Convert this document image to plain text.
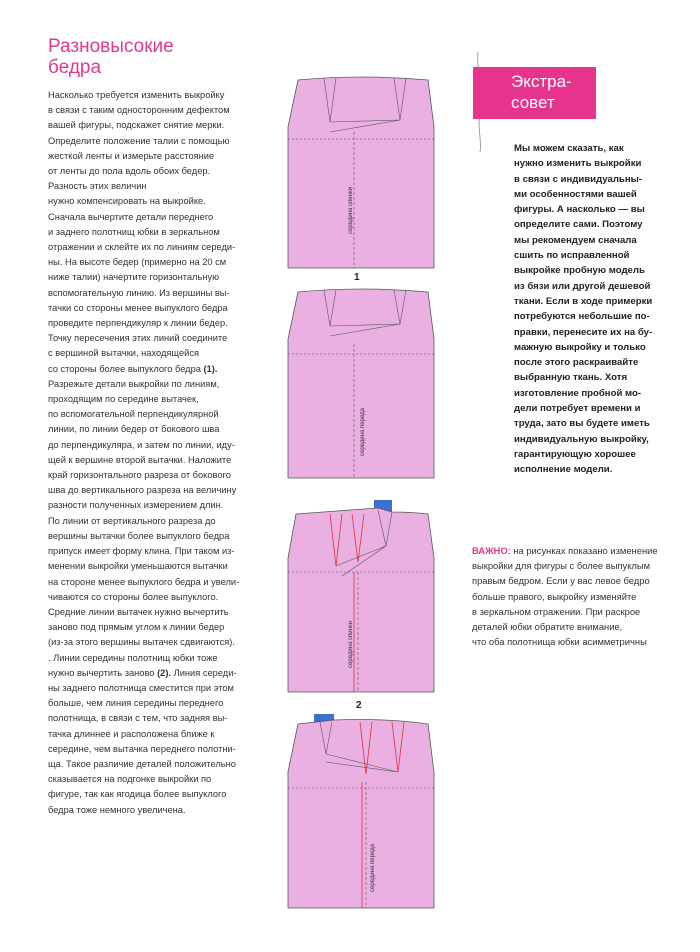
Разновысокие
бедра
Насколько требуется изменить выкройку
в связи с таким односторонним дефектом
вашей фигуры, подскажет снятие мерки.
Определите положение талии с помощью
жесткой ленты и измерьте расстояние
от ленты до пола вдоль обоих бедер.
Разность этих величин
нужно компенсировать на выкройке.
Сначала вычертите детали переднего
и заднего полотнищ юбки в зеркальном
отражении и склейте их по линиям середи-
ны. На высоте бедер (примерно на 20 см
ниже талии) начертите горизонтальную
вспомогательную линию. Из вершины вы-
тачки со стороны менее выпуклого бедра
проведите перпендикуляр к линии бедер.
Точку пересечения этих линий соедините
с вершиной вытачки, находящейся
со стороны более выпуклого бедра (1).
Разрежьте детали выкройки по линиям,
проходящим по середине вытачек,
по вспомогательной перпендикулярной
линии, по линии бедер от бокового шва
до перпендикуляра, и затем по линии, иду-
щей к вершине второй вытачки. Наложите
край горизонтального разреза от бокового
шва до вертикального разреза на величину
разности полученных измерением длин.
По линии от вертикального разреза до
вершины вытачки более выпуклого бедра
припуск имеет форму клина. При таком из-
менении выкройки уменьшаются вытачки
на стороне менее выпуклого бедра и увели-
чиваются со стороны более выпуклого.
Средние линии вытачек нужно вычертить
заново под прямым углом к линии бедер
(из-за этого вершины вытачек сдвигаются).
. Линии середины полотнищ юбки тоже
нужно вычертить заново (2). Линия середи-
ны заднего полотнища сместится при этом
больше, чем линия середины переднего
полотнища, в связи с тем, что задняя вы-
тачка длиннее и расположена ближе к
середине, чем вытачка переднего полотни-
ща. Такое различие деталей положительно
сказывается на подгонке выкройки по
фигуре, так как ягодица более выпуклого
бедра тоже немного увеличена.
середина спинки
1
середина переда
середина спинки
2
середина переда
Экстра-
совет
Мы можем сказать, как
нужно изменить выкройки
в связи с индивидуальны-
ми особенностями вашей
фигуры. А насколько — вы
определите сами. Поэтому
мы рекомендуем сначала
сшить по исправленной
выкройке пробную модель
из бязи или другой дешевой
ткани. Если в ходе примерки
потребуются небольшие по-
правки, перенесите их на бу-
мажную выкройку и только
после этого раскраивайте
выбранную ткань. Хотя
изготовление пробной мо-
дели потребует времени и
труда, зато вы будете иметь
индивидуальную выкройку,
гарантирующую хорошее
исполнение модели.
ВАЖНО: на рисунках показано изменение
выкройки для фигуры с более выпуклым
правым бедром. Если у вас левое бедро
больше правого, выкройку изменяйте
в зеркальном отражении. При раскрое
деталей юбки обратите внимание,
что оба полотнища юбки асимметричны
